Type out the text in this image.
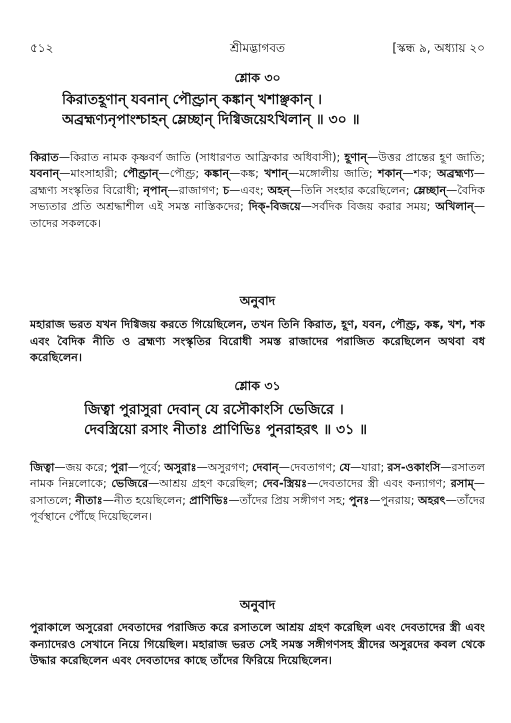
৫১২	শ্রীমদ্ভাগবত	[স্কন্ধ ৯, অধ্যায় ২০
শ্লোক ৩০
কিরাতহূণান্ যবনান্ পৌণ্ড্রান্ কঙ্কান্ খশাঞ্ছকান্ ।
অব্রহ্মণ্যনৃপাংশ্চাহন্ ম্লেচ্ছান্ দিগ্বিজয়েঽখিলান্ ॥ ৩০ ॥
কিরাত—কিরাত নামক কৃষ্ণবর্ণ জাতি (সাধারণত আফ্রিকার অধিবাসী); হূণান্—উত্তর প্রান্তের হূণ জাতি; যবনান্—মাংসাহারী; পৌণ্ড্রান্—পৌণ্ড্র; কঙ্কান্—কঙ্ক; খশান্—মঙ্গোলীয় জাতি; শকান্—শক; অব্রহ্মণ্য—ব্রহ্মণ্য সংস্কৃতির বিরোধী; নৃপান্—রাজাগণ; চ—এবং; অহন্—তিনি সংহার করেছিলেন; ম্লেচ্ছান্—বৈদিক সভ্যতার প্রতি অশ্রদ্ধাশীল এই সমস্ত নাস্তিকদের; দিক্-বিজয়ে—সর্বদিক বিজয় করার সময়; অখিলান্—তাদের সকলকে।
অনুবাদ
মহারাজ ভরত যখন দিগ্বিজয় করতে গিয়েছিলেন, তখন তিনি কিরাত, হূণ, যবন, পৌণ্ড্র, কঙ্ক, খশ, শক এবং বৈদিক নীতি ও ব্রহ্মণ্য সংস্কৃতির বিরোধী সমস্ত রাজাদের পরাজিত করেছিলেন অথবা বধ করেছিলেন।
শ্লোক ৩১
জিত্বা পুরাসুরা দেবান্ যে রসৌকাংসি ভেজিরে ।
দেবস্ত্রিয়ো রসাং নীতাঃ প্রাণিভিঃ পুনরাহরৎ ॥ ৩১ ॥
জিত্বা—জয় করে; পুরা—পূর্বে; অসুরাঃ—অসুরগণ; দেবান্—দেবতাগণ; যে—যারা; রস-ওকাংসি—রসাতল নামক নিম্নলোকে; ভেজিরে—আশ্রয় গ্রহণ করেছিল; দেব-স্ত্রিয়ঃ—দেবতাদের স্ত্রী এবং কন্যাগণ; রসাম্—রসাতলে; নীতাঃ—নীত হয়েছিলেন; প্রাণিভিঃ—তাঁদের প্রিয় সঙ্গীগণ সহ; পুনঃ—পুনরায়; অহরৎ—তাঁদের পূর্বস্থানে পৌঁছে দিয়েছিলেন।
অনুবাদ
পুরাকালে অসুরেরা দেবতাদের পরাজিত করে রসাতলে আশ্রয় গ্রহণ করেছিল এবং দেবতাদের স্ত্রী এবং কন্যাদেরও সেখানে নিয়ে গিয়েছিল। মহারাজ ভরত সেই সমস্ত সঙ্গীগণসহ স্ত্রীদের অসুরদের কবল থেকে উদ্ধার করেছিলেন এবং দেবতাদের কাছে তাঁদের ফিরিয়ে দিয়েছিলেন।
